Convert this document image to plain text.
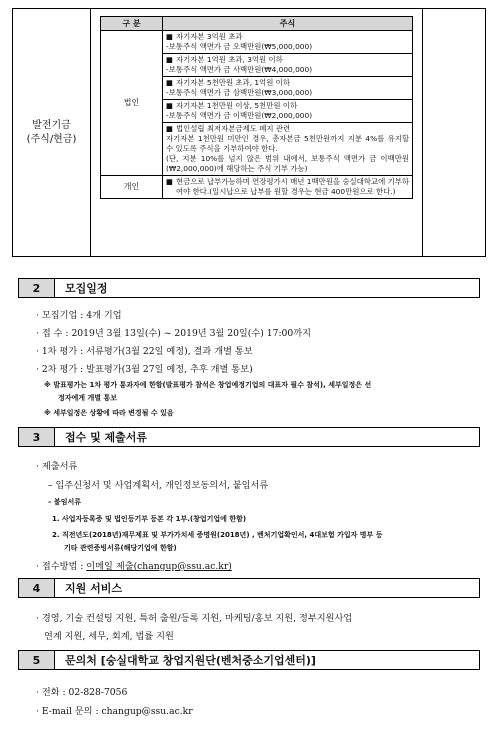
발전기금
(주식/현금)
구 분	주식
법인	■ 자기자본 3억원 초과
-보통주식 액면가 금 오백만원(₩5,000,000)

	■ 자기자본 1억원 초과, 3억원 이하
-보통주식 액면가 금 사백만원(₩4,000,000)

	■ 자기자본 5천만원 초과, 1억원 이하
-보통주식 액면가 금 삼백만원(₩3,000,000)

	■ 자기자본 1천만원 이상, 5천만원 이하
-보통주식 액면가 금 이백만원(₩2,000,000)

	■ 법인설립 최저자본금제도 폐지 관련
자기자본 1천만원 미만인 경우, 총자본금 5천만원까지 지분 4%를 유지할 수 있도록 주식을 기부하여야 한다.
(단, 지분 10%를 넘지 않은 범위 내에서, 보통주식 액면가 금 이백만원(₩2,000,000)에 해당하는 주식 기부 가능)

개인	■ 현금으로 납부가능하며 연장평가시 매년 1백만원을 숭실대학교에 기부하여야 한다.(일시납으로 납부를 원할 경우는 현금 400만원으로 한다.)
2	모집일정
· 모집기업 : 4개 기업
· 접 수 : 2019년 3월 13일(수) ~ 2019년 3월 20일(수) 17:00까지
· 1차 평가 : 서류평가(3월 22일 예정), 결과 개별 통보
· 2차 평가 : 발표평가(3월 27일 예정, 추후 개별 통보)
※ 발표평가는 1차 평가 통과자에 한함(발표평가 참석은 창업예정기업의 대표자 필수 참석), 세부일정은 선
정자에게 개별 통보
※ 세부일정은 상황에 따라 변경될 수 있음
3	접수 및 제출서류
· 제출서류
– 입주신청서 및 사업계획서, 개인정보동의서, 붙임서류
– 붙임서류
1. 사업자등록증 및 법인등기부 등본 각 1부.(창업기업에 한함)
2. 직전년도(2018년)재무제표 및 부가가치세 증명원(2018년) , 벤처기업확인서, 4대보험 가입자 명부 등
기타 관련증빙서류(해당기업에 한함)
· 접수방법 : 이메일 제출(changup@ssu.ac.kr)
4	지원 서비스
· 경영, 기술 컨설팅 지원, 특허 출원/등록 지원, 마케팅/홍보 지원, 정부지원사업
연계 지원, 세무, 회계, 법률 지원
5	문의처 [숭실대학교 창업지원단(벤처중소기업센터)]
· 전화 : 02-828-7056
· E-mail 문의 : changup@ssu.ac.kr
